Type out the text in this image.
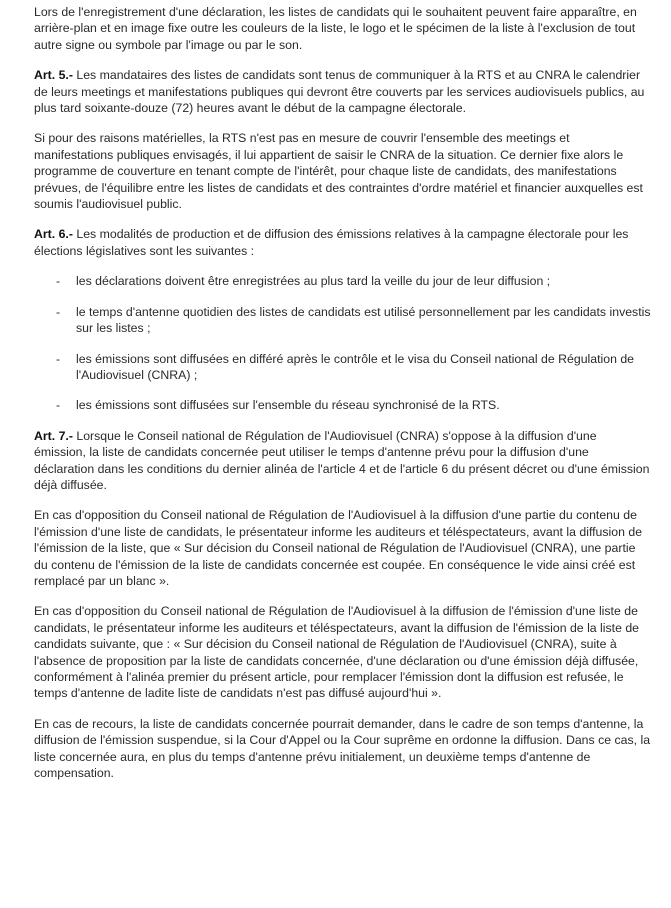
Lors de l'enregistrement d'une déclaration, les listes de candidats qui le souhaitent peuvent faire apparaître, en arrière-plan et en image fixe outre les couleurs de la liste, le logo et le spécimen de la liste à l'exclusion de tout autre signe ou symbole par l'image ou par le son.

Art. 5.- Les mandataires des listes de candidats sont tenus de communiquer à la RTS et au CNRA le calendrier de leurs meetings et manifestations publiques qui devront être couverts par les services audiovisuels publics, au plus tard soixante-douze (72) heures avant le début de la campagne électorale.

Si pour des raisons matérielles, la RTS n'est pas en mesure de couvrir l'ensemble des meetings et manifestations publiques envisagés, il lui appartient de saisir le CNRA de la situation. Ce dernier fixe alors le programme de couverture en tenant compte de l'intérêt, pour chaque liste de candidats, des manifestations prévues, de l'équilibre entre les listes de candidats et des contraintes d'ordre matériel et financier auxquelles est soumis l'audiovisuel public.

Art. 6.- Les modalités de production et de diffusion des émissions relatives à la campagne électorale pour les élections législatives sont les suivantes :

- les déclarations doivent être enregistrées au plus tard la veille du jour de leur diffusion ;
- le temps d'antenne quotidien des listes de candidats est utilisé personnellement par les candidats investis sur les listes ;
- les émissions sont diffusées en différé après le contrôle et le visa du Conseil national de Régulation de l'Audiovisuel (CNRA) ;
- les émissions sont diffusées sur l'ensemble du réseau synchronisé de la RTS.

Art. 7.- Lorsque le Conseil national de Régulation de l'Audiovisuel (CNRA) s'oppose à la diffusion d'une émission, la liste de candidats concernée peut utiliser le temps d'antenne prévu pour la diffusion d'une déclaration dans les conditions du dernier alinéa de l'article 4 et de l'article 6 du présent décret ou d'une émission déjà diffusée.

En cas d'opposition du Conseil national de Régulation de l'Audiovisuel à la diffusion d'une partie du contenu de l'émission d'une liste de candidats, le présentateur informe les auditeurs et téléspectateurs, avant la diffusion de l'émission de la liste, que « Sur décision du Conseil national de Régulation de l'Audiovisuel (CNRA), une partie du contenu de l'émission de la liste de candidats concernée est coupée. En conséquence le vide ainsi créé est remplacé par un blanc ».

En cas d'opposition du Conseil national de Régulation de l'Audiovisuel à la diffusion de l'émission d'une liste de candidats, le présentateur informe les auditeurs et téléspectateurs, avant la diffusion de l'émission de la liste de candidats suivante, que : « Sur décision du Conseil national de Régulation de l'Audiovisuel (CNRA), suite à l'absence de proposition par la liste de candidats concernée, d'une déclaration ou d'une émission déjà diffusée, conformément à l'alinéa premier du présent article, pour remplacer l'émission dont la diffusion est refusée, le temps d'antenne de ladite liste de candidats n'est pas diffusé aujourd'hui ».

En cas de recours, la liste de candidats concernée pourrait demander, dans le cadre de son temps d'antenne, la diffusion de l'émission suspendue, si la Cour d'Appel ou la Cour suprême en ordonne la diffusion. Dans ce cas, la liste concernée aura, en plus du temps d'antenne prévu initialement, un deuxième temps d'antenne de compensation.
